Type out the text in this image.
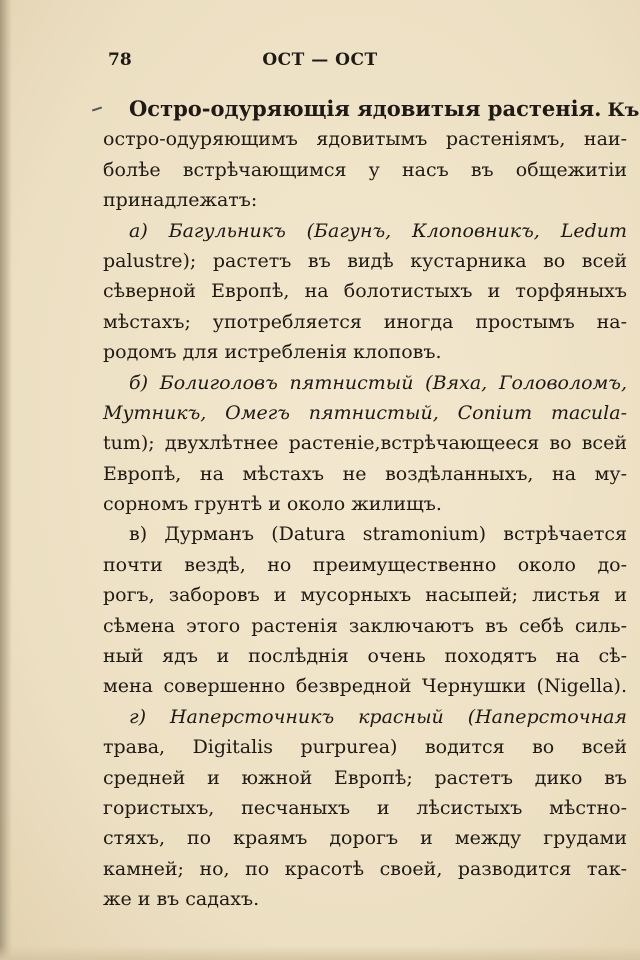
78	ОСТ — ОСТ
Остро-одуряющія ядовитыя растенія. Къ
остро-одуряющимъ ядовитымъ растеніямъ, наи-
болѣе встрѣчающимся у насъ въ общежитіи
принадлежатъ:
а) Багульникъ (Багунъ, Клоповникъ, Ledum
palustre); растетъ въ видѣ кустарника во всей
сѣверной Европѣ, на болотистыхъ и торфяныхъ
мѣстахъ; употребляется иногда простымъ на-
родомъ для истребленія клоповъ.
б) Болиголовъ пятнистый (Вяха, Головоломъ,
Мутникъ, Омегъ пятнистый, Conium macula-
tum); двухлѣтнее растеніе,встрѣчающееся во всей
Европѣ, на мѣстахъ не воздѣланныхъ, на му-
сорномъ грунтѣ и около жилищъ.
в) Дурманъ (Datura stramonium) встрѣчается
почти вездѣ, но преимущественно около до-
рогъ, заборовъ и мусорныхъ насыпей; листья и
сѣмена этого растенія заключаютъ въ себѣ силь-
ный ядъ и послѣднія очень походятъ на сѣ-
мена совершенно безвредной Чернушки (Nigella).
г) Наперсточникъ красный (Наперсточная
трава, Digitalis purpurea) водится во всей
средней и южной Европѣ; растетъ дико въ
гористыхъ, песчаныхъ и лѣсистыхъ мѣстно-
стяхъ, по краямъ дорогъ и между грудами
камней; но, по красотѣ своей, разводится так-
же и въ садахъ.
